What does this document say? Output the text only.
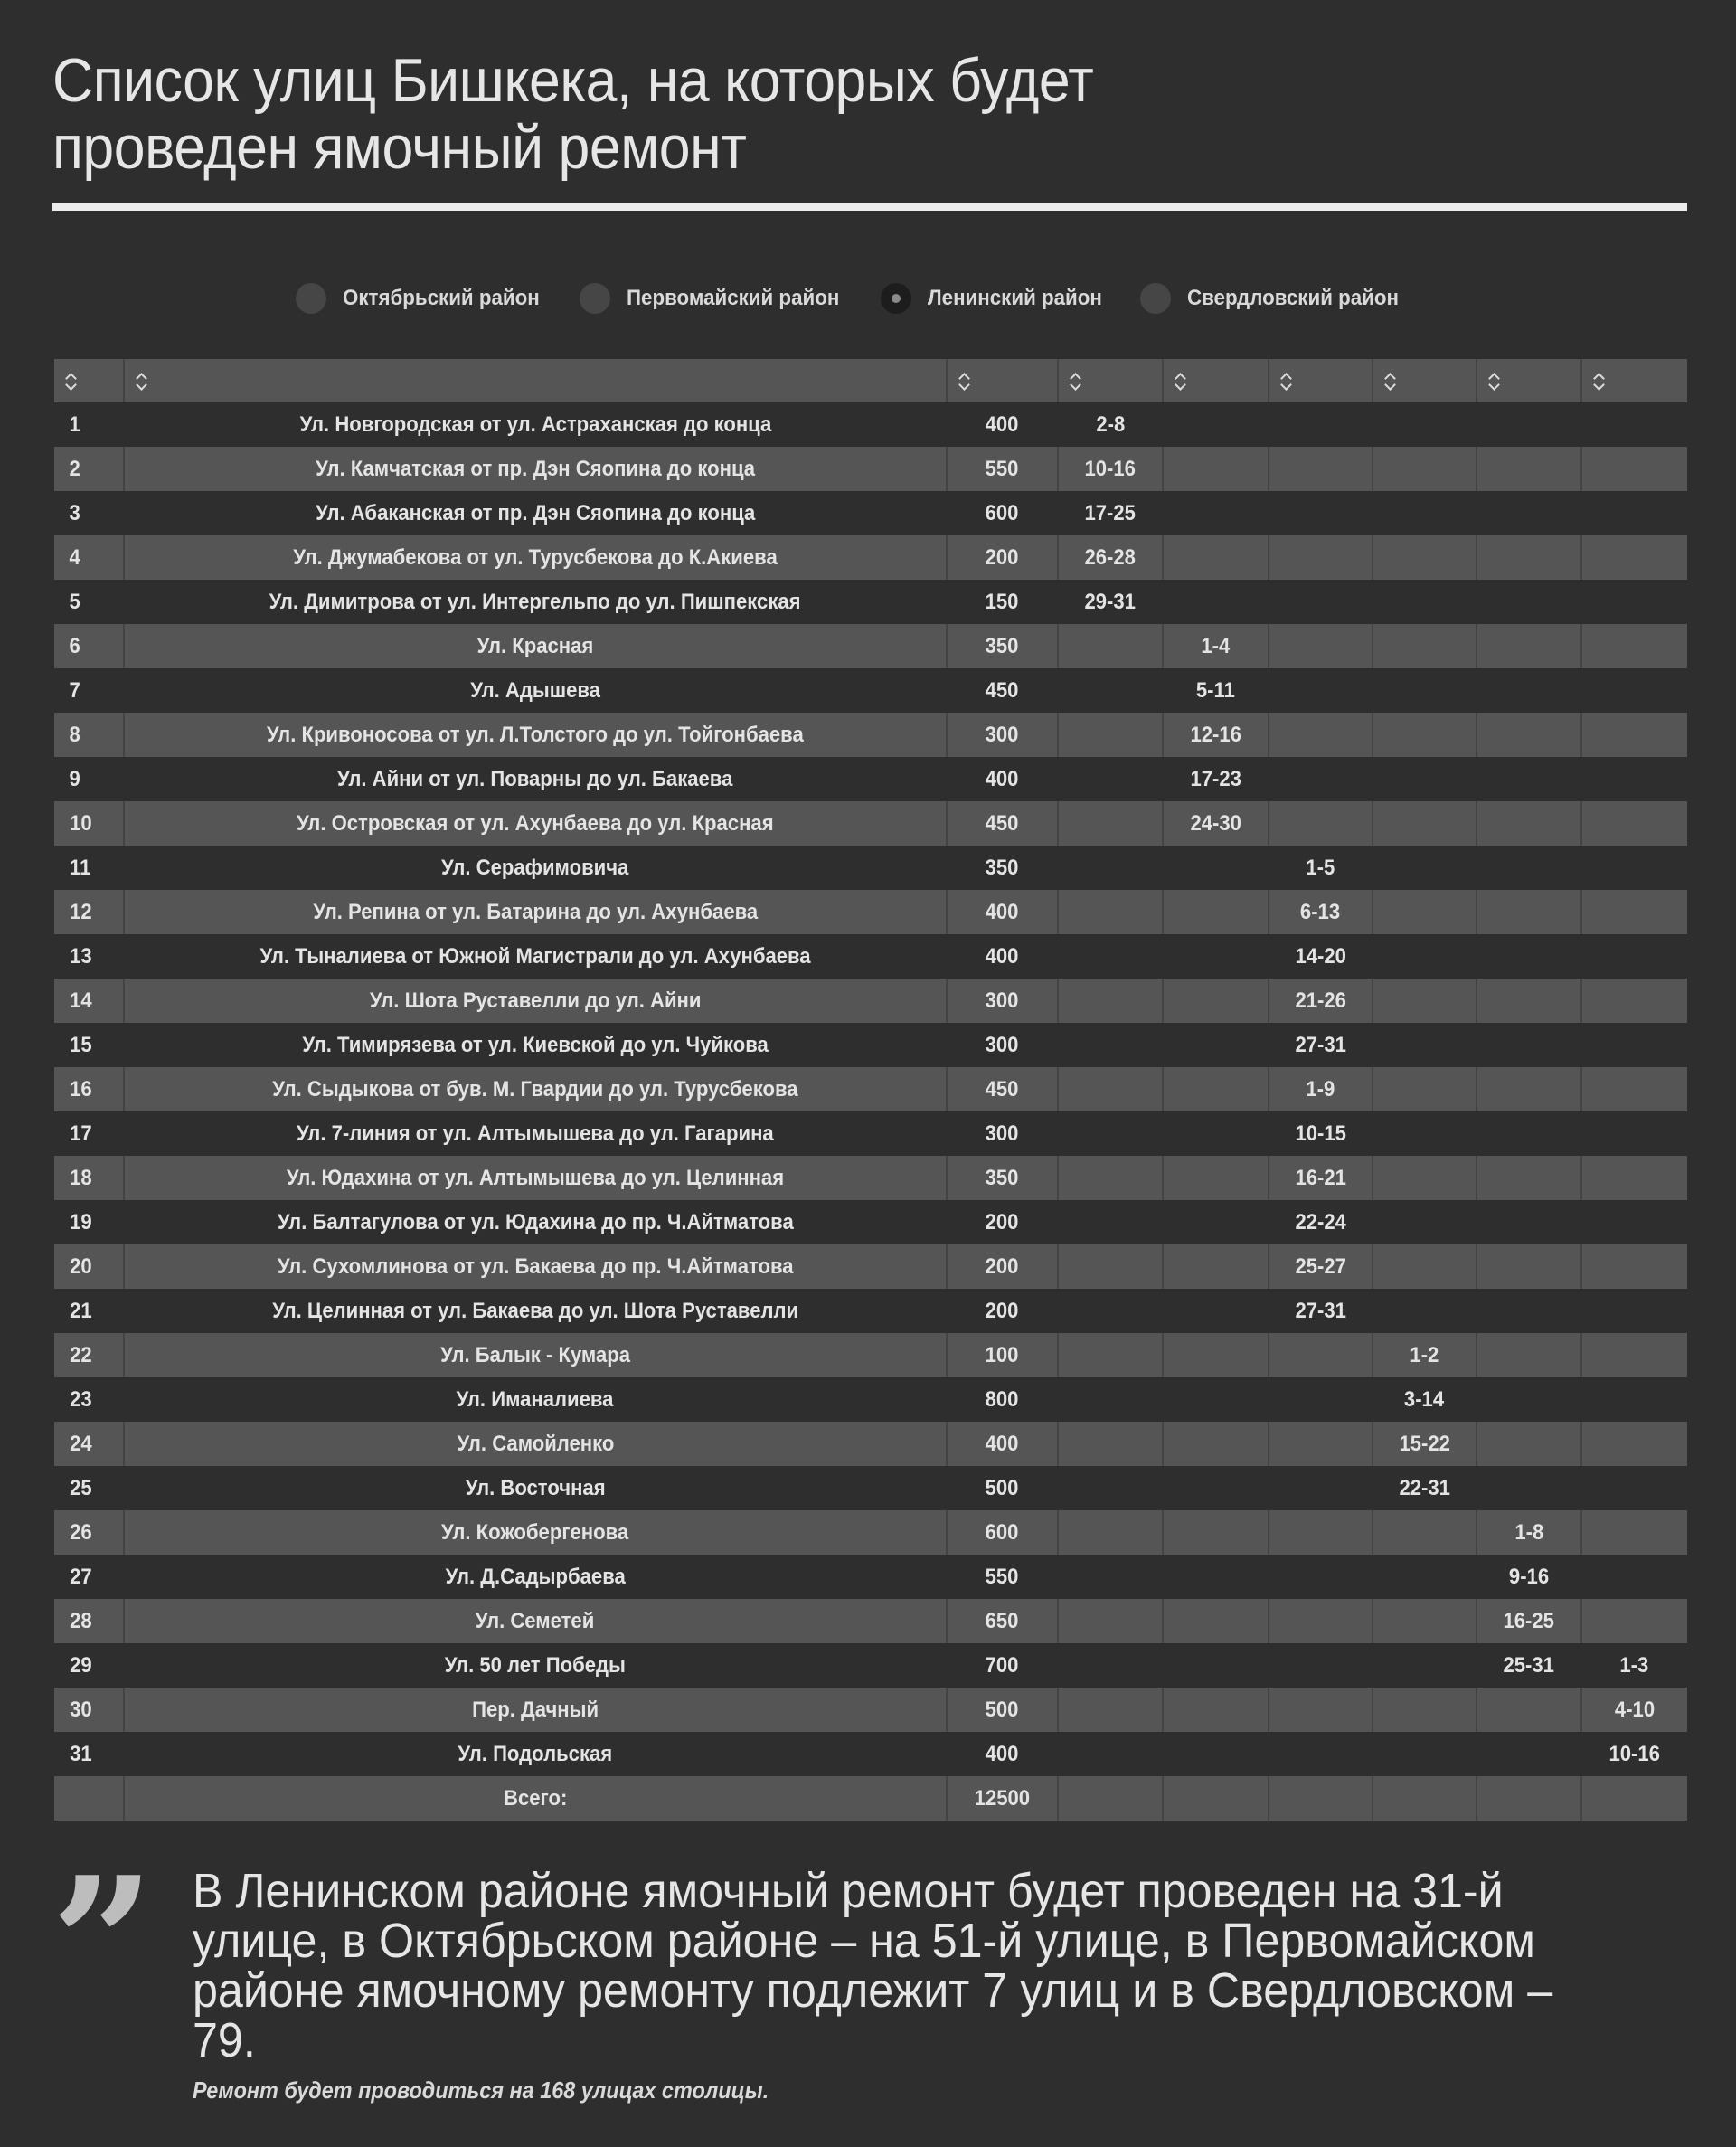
Список улиц Бишкека, на которых будет проведен ямочный ремонт
Октябрьский район	Первомайский район	Ленинский район	Свердловский район

1	Ул. Новгородская от ул. Астраханская до конца	400	2-8					
2	Ул. Камчатская от пр. Дэн Сяопина до конца	550	10-16					
3	Ул. Абаканская от пр. Дэн Сяопина до конца	600	17-25					
4	Ул. Джумабекова от ул. Турусбекова до К.Акиева	200	26-28					
5	Ул. Димитрова от ул. Интергельпо до ул. Пишпекская	150	29-31					
6	Ул. Красная	350		1-4				
7	Ул. Адышева	450		5-11				
8	Ул. Кривоносова от ул. Л.Толстого до ул. Тойгонбаева	300		12-16				
9	Ул. Айни от ул. Поварны до ул. Бакаева	400		17-23				
10	Ул. Островская от ул. Ахунбаева до ул. Красная	450		24-30				
11	Ул. Серафимовича	350			1-5			
12	Ул. Репина от ул. Батарина до ул. Ахунбаева	400			6-13			
13	Ул. Тыналиева от Южной Магистрали до ул. Ахунбаева	400			14-20			
14	Ул. Шота Руставелли до ул. Айни	300			21-26			
15	Ул. Тимирязева от ул. Киевской до ул. Чуйкова	300			27-31			
16	Ул. Сыдыкова от був. М. Гвардии до ул. Турусбекова	450			1-9			
17	Ул. 7-линия от ул. Алтымышева до ул. Гагарина	300			10-15			
18	Ул. Юдахина от ул. Алтымышева до ул. Целинная	350			16-21			
19	Ул. Балтагулова от ул. Юдахина до пр. Ч.Айтматова	200			22-24			
20	Ул. Сухомлинова от ул. Бакаева до пр. Ч.Айтматова	200			25-27			
21	Ул. Целинная от ул. Бакаева до ул. Шота Руставелли	200			27-31			
22	Ул. Балык - Кумара	100				1-2		
23	Ул. Иманалиева	800				3-14		
24	Ул. Самойленко	400				15-22		
25	Ул. Восточная	500				22-31		
26	Ул. Кожобергенова	600					1-8	
27	Ул. Д.Садырбаева	550					9-16	
28	Ул. Семетей	650					16-25	
29	Ул. 50 лет Победы	700					25-31	1-3
30	Пер. Дачный	500						4-10
31	Ул. Подольская	400						10-16
	Всего:	12500						
” В Ленинском районе ямочный ремонт будет проведен на 31-й улице, в Октябрьском районе – на 51-й улице, в Первомайском районе ямочному ремонту подлежит 7 улиц и в Свердловском – 79.
Ремонт будет проводиться на 168 улицах столицы.
